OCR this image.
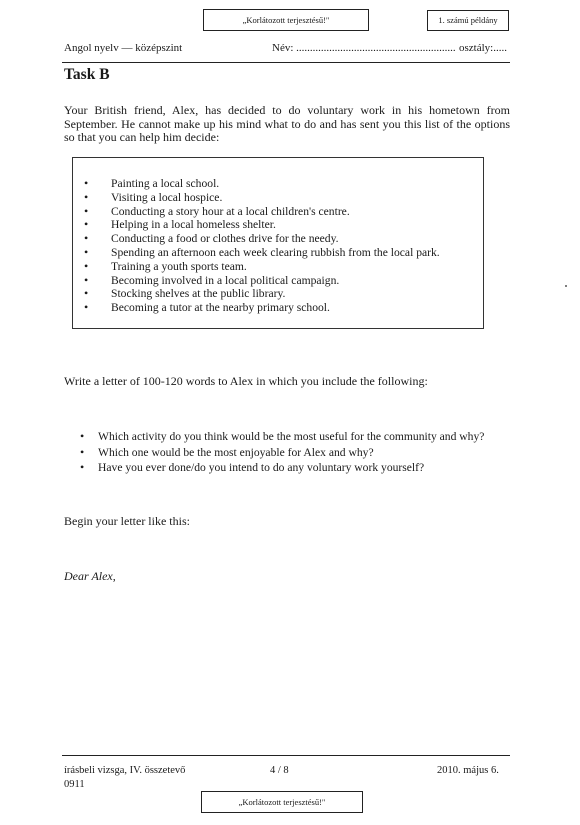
„Korlátozott terjesztésű!"	1. számú példány
Angol nyelv — középszint	Név: .......................................................... osztály:.....
Task B
Your British friend, Alex, has decided to do voluntary work in his hometown from September. He cannot make up his mind what to do and has sent you this list of the options so that you can help him decide:
• Painting a local school.
• Visiting a local hospice.
• Conducting a story hour at a local children's centre.
• Helping in a local homeless shelter.
• Conducting a food or clothes drive for the needy.
• Spending an afternoon each week clearing rubbish from the local park.
• Training a youth sports team.
• Becoming involved in a local political campaign.
• Stocking shelves at the public library.
• Becoming a tutor at the nearby primary school.
Write a letter of 100-120 words to Alex in which you include the following:
• Which activity do you think would be the most useful for the community and why?
• Which one would be the most enjoyable for Alex and why?
• Have you ever done/do you intend to do any voluntary work yourself?
Begin your letter like this:
Dear Alex,
írásbeli vizsga, IV. összetevő
0911
4 / 8	2010. május 6.
„Korlátozott terjesztésű!"
